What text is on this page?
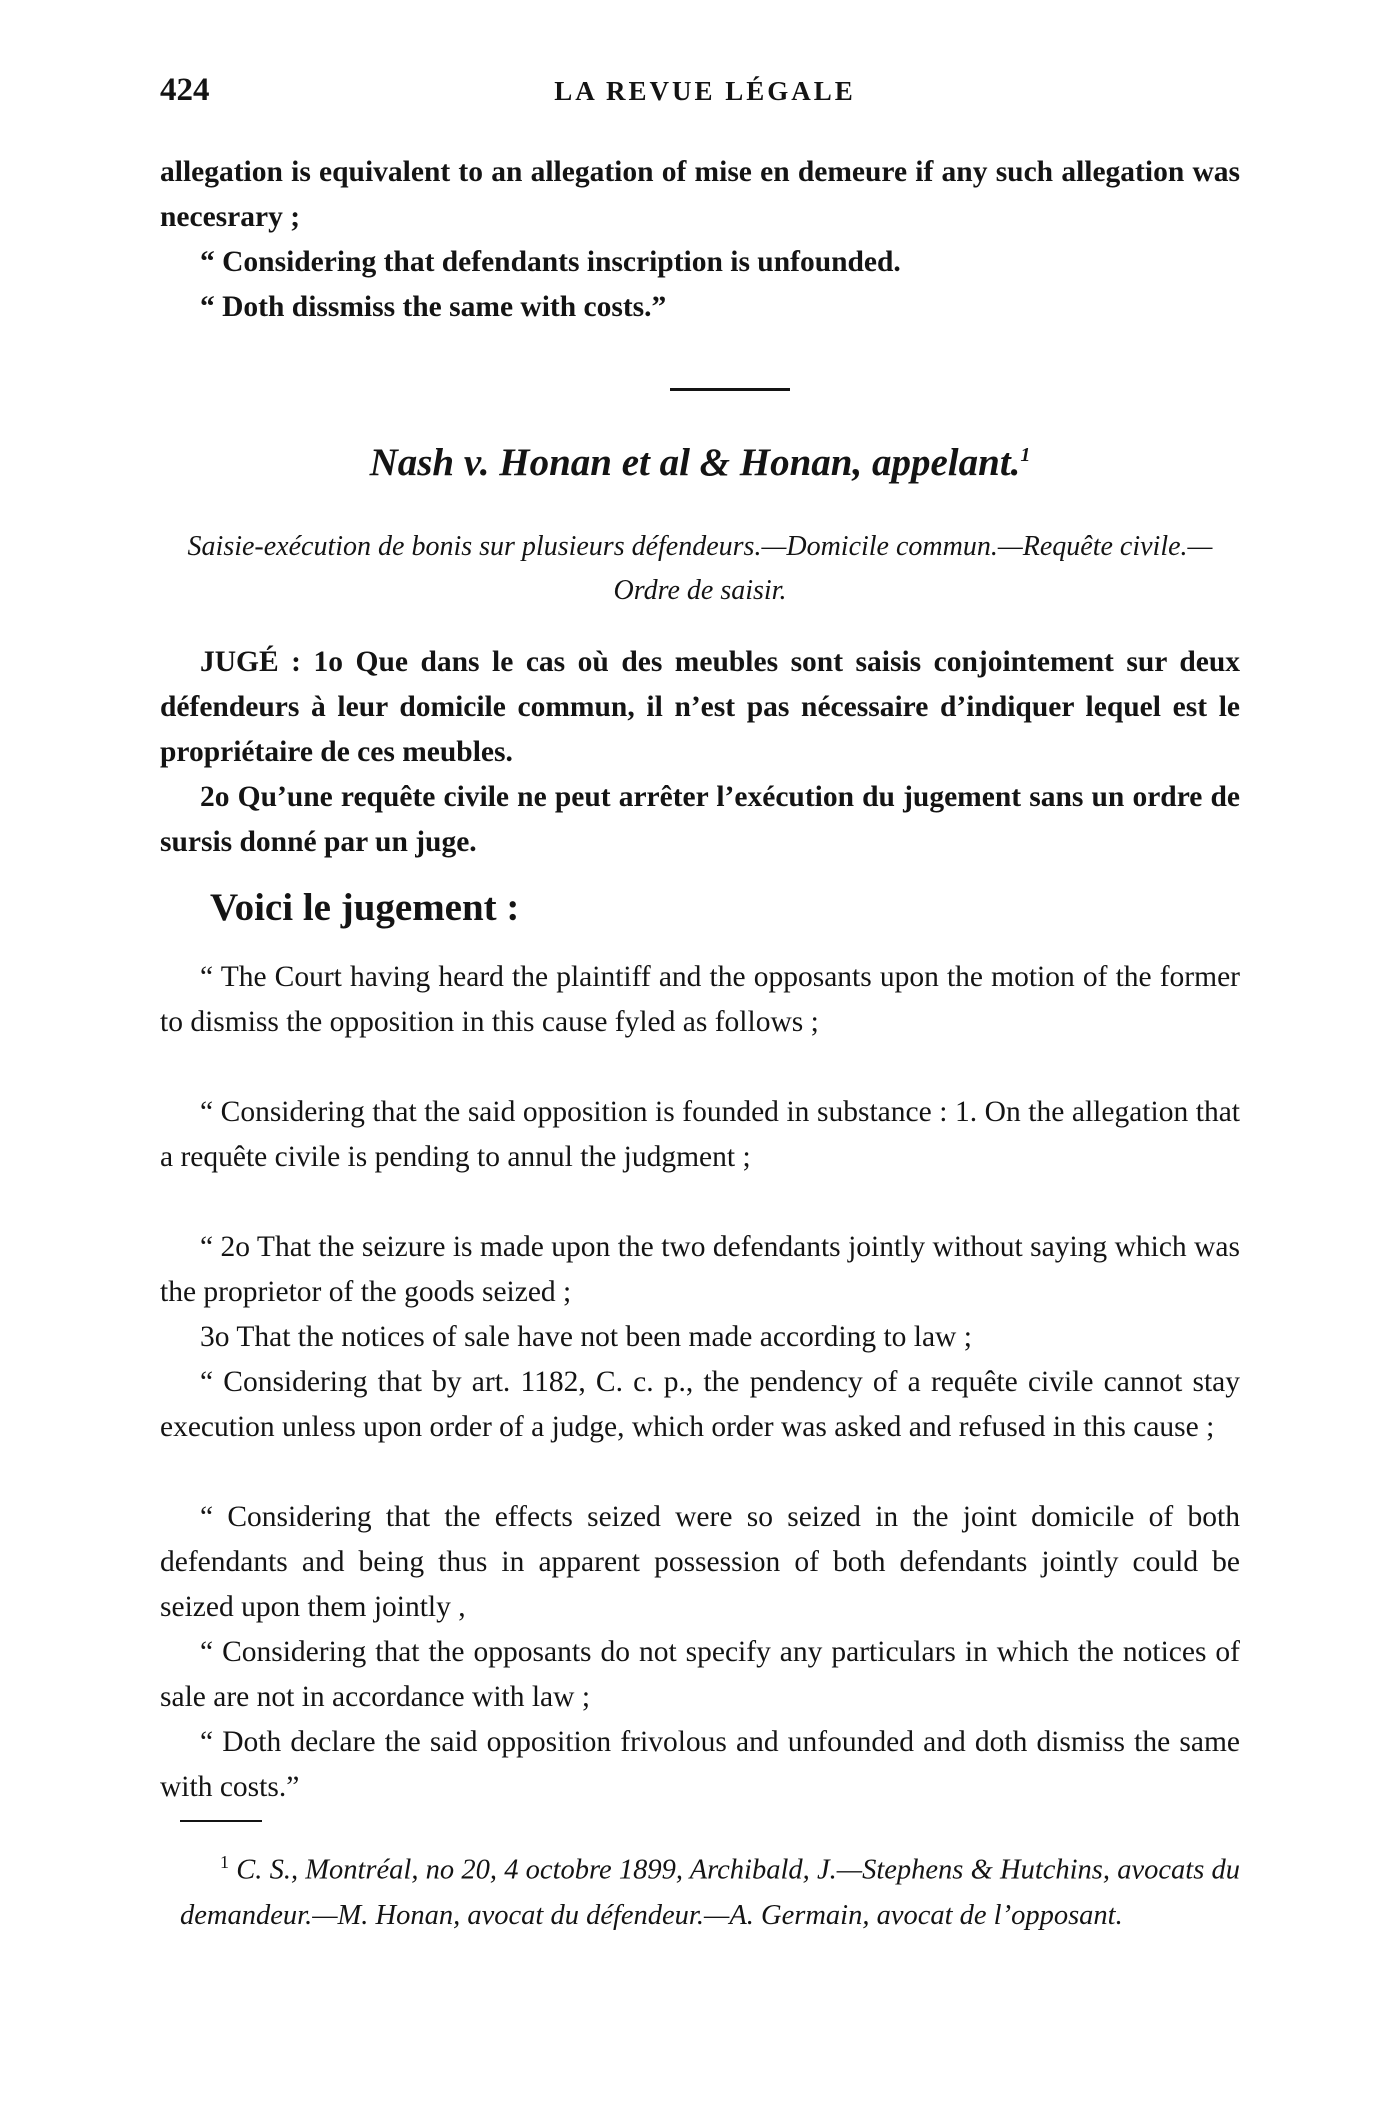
424	LA REVUE LÉGALE

allegation is equivalent to an allegation of mise en demeure if any such allegation was necesrary ;

“ Considering that defendants inscription is unfounded.

“ Doth dissmiss the same with costs.”

Nash v. Honan et al & Honan, appelant.$^1$

Saisie-exécution de bonis sur plusieurs défendeurs.—Domicile commun.—Requête civile.—Ordre de saisir.

JUGÉ : 1o Que dans le cas où des meubles sont saisis conjointement sur deux défendeurs à leur domicile commun, il n’est pas nécessaire d’indiquer lequel est le propriétaire de ces meubles.

2o Qu’une requête civile ne peut arrêter l’exécution du jugement sans un ordre de sursis donné par un juge.

Voici le jugement :

“ The Court having heard the plaintiff and the opposants upon the motion of the former to dismiss the opposition in this cause fyled as follows ;

“ Considering that the said opposition is founded in substance : 1. On the allegation that a requête civile is pending to annul the judgment ;

“ 2o That the seizure is made upon the two defendants jointly without saying which was the proprietor of the goods seized ;

3o That the notices of sale have not been made according to law ;

“ Considering that by art. 1182, C. c. p., the pendency of a requête civile cannot stay execution unless upon order of a judge, which order was asked and refused in this cause ;

“ Considering that the effects seized were so seized in the joint domicile of both defendants and being thus in apparent possession of both defendants jointly could be seized upon them jointly ,

“ Considering that the opposants do not specify any particulars in which the notices of sale are not in accordance with law ;

“ Doth declare the said opposition frivolous and unfounded and doth dismiss the same with costs.”

$^1$ C. S., Montréal, no 20, 4 octobre 1899, Archibald, J.—Stephens & Hutchins, avocats du demandeur.—M. Honan, avocat du défendeur.—A. Germain, avocat de l’opposant.
